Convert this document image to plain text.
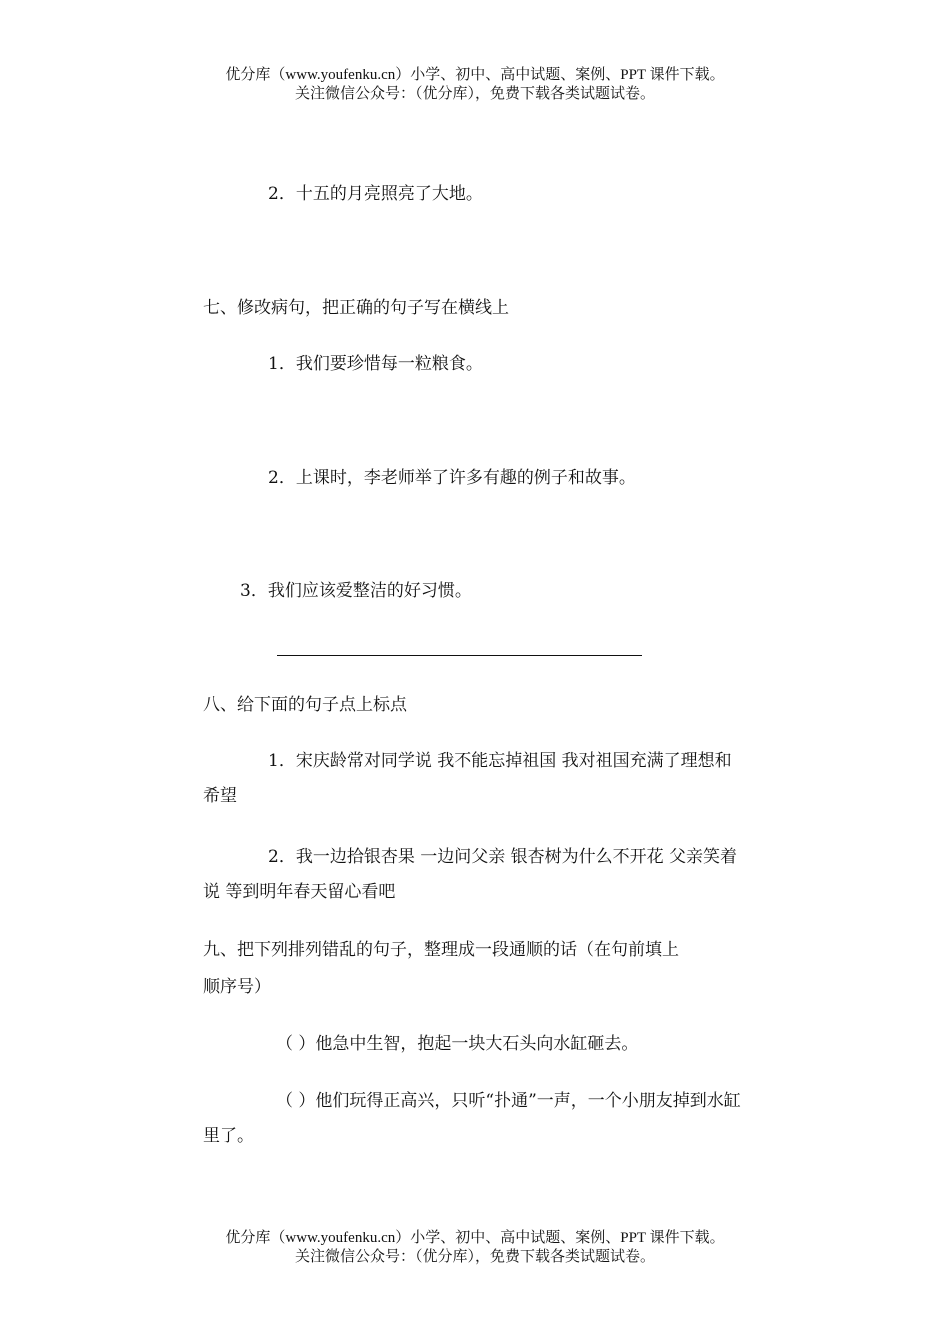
优分库（www.youfenku.cn）小学、初中、高中试题、案例、PPT 课件下载。
关注微信公众号：（优分库），免费下载各类试题试卷。
2．十五的月亮照亮了大地。
七、修改病句，把正确的句子写在横线上
1．我们要珍惜每一粒粮食。
2．上课时，李老师举了许多有趣的例子和故事。
3．我们应该爱整洁的好习惯。
八、给下面的句子点上标点
1．宋庆龄常对同学说 我不能忘掉祖国 我对祖国充满了理想和希望
2．我一边拾银杏果 一边问父亲 银杏树为什么不开花 父亲笑着说 等到明年春天留心看吧
九、把下列排列错乱的句子，整理成一段通顺的话（在句前填上
顺序号）
（ ）他急中生智，抱起一块大石头向水缸砸去。
（ ）他们玩得正高兴，只听“扑通”一声，一个小朋友掉到水缸里了。
优分库（www.youfenku.cn）小学、初中、高中试题、案例、PPT 课件下载。
关注微信公众号：（优分库），免费下载各类试题试卷。
